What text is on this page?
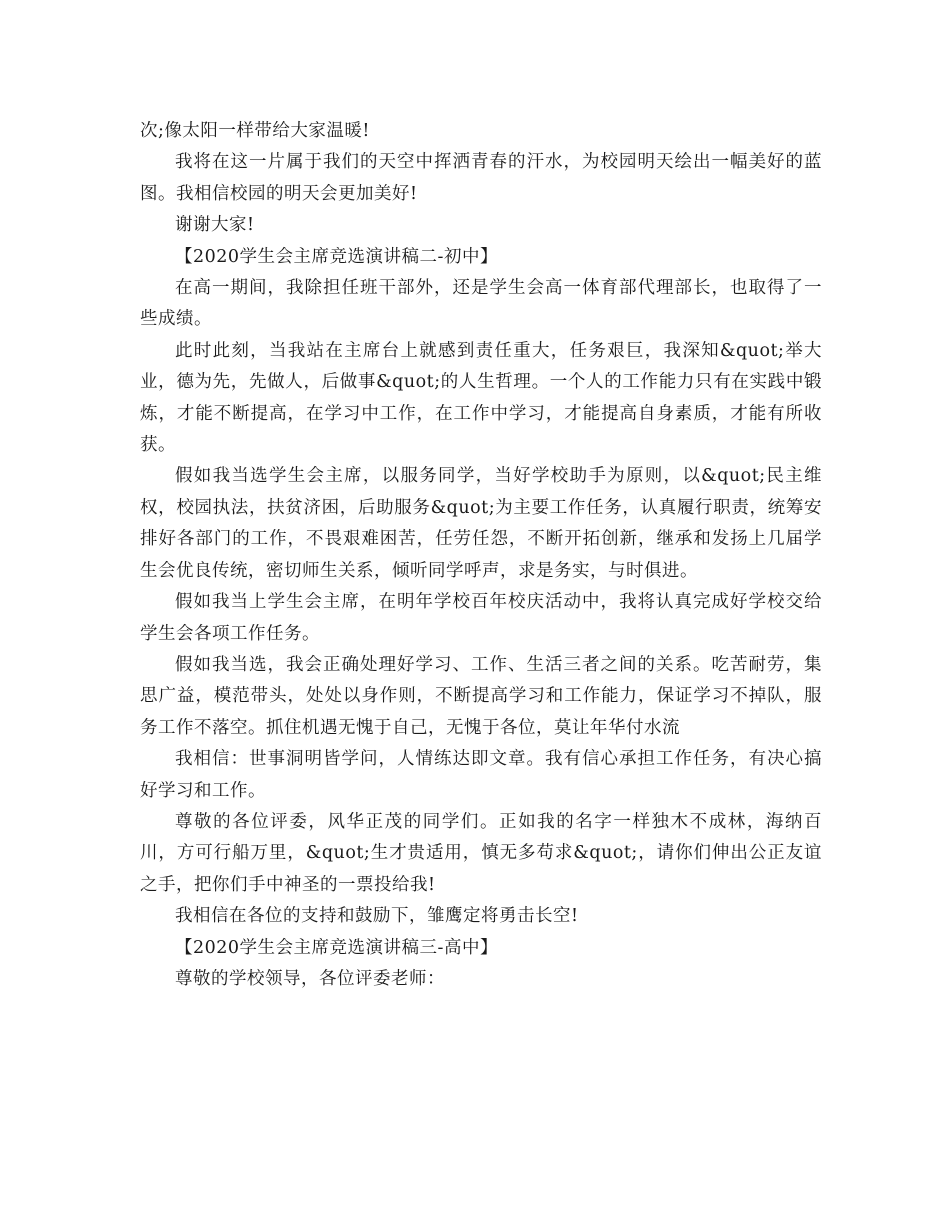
次;像太阳一样带给大家温暖!

我将在这一片属于我们的天空中挥洒青春的汗水，为校园明天绘出一幅美好的蓝图。我相信校园的明天会更加美好!

谢谢大家!

【2020学生会主席竞选演讲稿二-初中】

在高一期间，我除担任班干部外，还是学生会高一体育部代理部长，也取得了一些成绩。

此时此刻，当我站在主席台上就感到责任重大，任务艰巨，我深知&quot;举大业，德为先，先做人，后做事&quot;的人生哲理。一个人的工作能力只有在实践中锻炼，才能不断提高，在学习中工作，在工作中学习，才能提高自身素质，才能有所收获。

假如我当选学生会主席，以服务同学，当好学校助手为原则，以&quot;民主维权，校园执法，扶贫济困，后助服务&quot;为主要工作任务，认真履行职责，统筹安排好各部门的工作，不畏艰难困苦，任劳任怨，不断开拓创新，继承和发扬上几届学生会优良传统，密切师生关系，倾听同学呼声，求是务实，与时俱进。

假如我当上学生会主席，在明年学校百年校庆活动中，我将认真完成好学校交给学生会各项工作任务。

假如我当选，我会正确处理好学习、工作、生活三者之间的关系。吃苦耐劳，集思广益，模范带头，处处以身作则，不断提高学习和工作能力，保证学习不掉队，服务工作不落空。抓住机遇无愧于自己，无愧于各位，莫让年华付水流

我相信：世事洞明皆学问，人情练达即文章。我有信心承担工作任务，有决心搞好学习和工作。

尊敬的各位评委，风华正茂的同学们。正如我的名字一样独木不成林，海纳百川，方可行船万里，&quot;生才贵适用，慎无多苟求&quot;，请你们伸出公正友谊之手，把你们手中神圣的一票投给我!

我相信在各位的支持和鼓励下，雏鹰定将勇击长空!

【2020学生会主席竞选演讲稿三-高中】

尊敬的学校领导，各位评委老师：
